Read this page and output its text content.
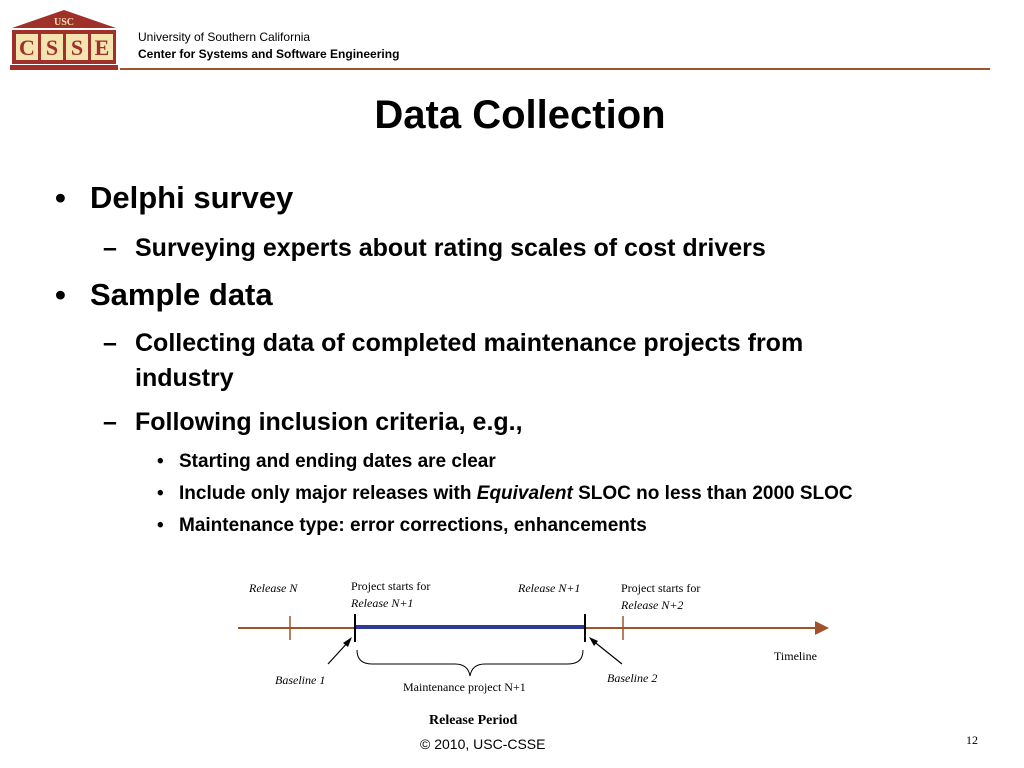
USC
C S S E University of Southern California
Center for Systems and Software Engineering
Data Collection
• Delphi survey
– Surveying experts about rating scales of cost drivers
• Sample data
– Collecting data of completed maintenance projects from
industry
– Following inclusion criteria, e.g.,
• Starting and ending dates are clear
• Include only major releases with Equivalent SLOC no less than 2000 SLOC
• Maintenance type: error corrections, enhancements
Release N	Project starts for
Release N+1
Release N+1	Project starts for
Release N+2
Timeline
Baseline 1	Baseline 2
Maintenance project N+1
Release Period
© 2010, USC-CSSE	12
